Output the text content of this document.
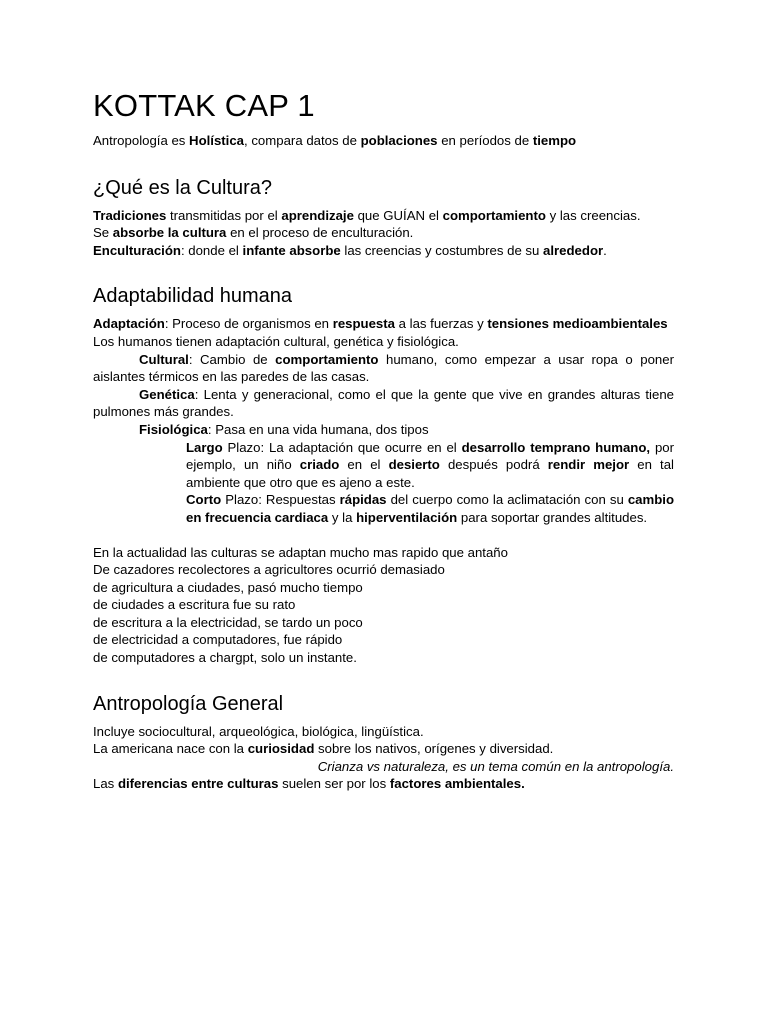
KOTTAK CAP 1

Antropología es Holística, compara datos de poblaciones en períodos de tiempo

¿Qué es la Cultura?

Tradiciones transmitidas por el aprendizaje que GUÍAN el comportamiento y las creencias.

Se absorbe la cultura en el proceso de enculturación.

Enculturación: donde el infante absorbe las creencias y costumbres de su alrededor.

Adaptabilidad humana

Adaptación: Proceso de organismos en respuesta a las fuerzas y tensiones medioambientales

Los humanos tienen adaptación cultural, genética y fisiológica.

Cultural: Cambio de comportamiento humano, como empezar a usar ropa o poner aislantes térmicos en las paredes de las casas.

Genética: Lenta y generacional, como el que la gente que vive en grandes alturas tiene pulmones más grandes.

Fisiológica: Pasa en una vida humana, dos tipos

Largo Plazo: La adaptación que ocurre en el desarrollo temprano humano, por ejemplo, un niño criado en el desierto después podrá rendir mejor en tal ambiente que otro que es ajeno a este.

Corto Plazo: Respuestas rápidas del cuerpo como la aclimatación con su cambio en frecuencia cardiaca y la hiperventilación para soportar grandes altitudes.

En la actualidad las culturas se adaptan mucho mas rapido que antaño
De cazadores recolectores a agricultores ocurrió demasiado
de agricultura a ciudades, pasó mucho tiempo
de ciudades a escritura fue su rato
de escritura a la electricidad, se tardo un poco
de electricidad a computadores, fue rápido
de computadores a chargpt, solo un instante.
Antropología General

Incluye sociocultural, arqueológica, biológica, lingüística.

La americana nace con la curiosidad sobre los nativos, orígenes y diversidad.

Crianza vs naturaleza, es un tema común en la antropología.

Las diferencias entre culturas suelen ser por los factores ambientales.
